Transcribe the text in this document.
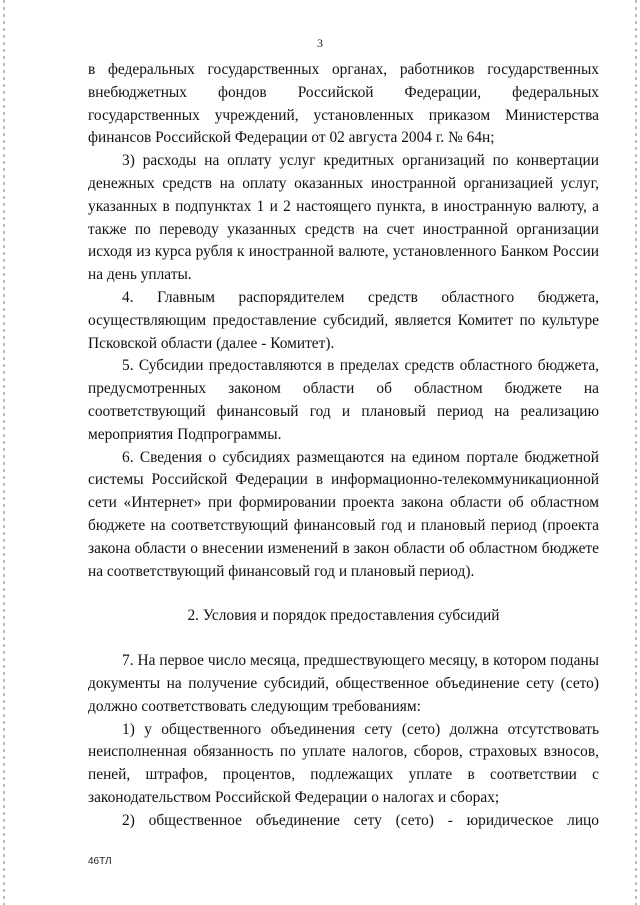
3

в федеральных государственных органах, работников государственных внебюджетных фондов Российской Федерации, федеральных государственных учреждений, установленных приказом Министерства финансов Российской Федерации от 02 августа 2004 г. № 64н;

3) расходы на оплату услуг кредитных организаций по конвертации денежных средств на оплату оказанных иностранной организацией услуг, указанных в подпунктах 1 и 2 настоящего пункта, в иностранную валюту, а также по переводу указанных средств на счет иностранной организации исходя из курса рубля к иностранной валюте, установленного Банком России на день уплаты.

4. Главным распорядителем средств областного бюджета, осуществляющим предоставление субсидий, является Комитет по культуре Псковской области (далее - Комитет).

5. Субсидии предоставляются в пределах средств областного бюджета, предусмотренных законом области об областном бюджете на соответствующий финансовый год и плановый период на реализацию мероприятия Подпрограммы.

6. Сведения о субсидиях размещаются на едином портале бюджетной системы Российской Федерации в информационно-телекоммуникационной сети «Интернет» при формировании проекта закона области об областном бюджете на соответствующий финансовый год и плановый период (проекта закона области о внесении изменений в закон области об областном бюджете на соответствующий финансовый год и плановый период).

2. Условия и порядок предоставления субсидий

7. На первое число месяца, предшествующего месяцу, в котором поданы документы на получение субсидий, общественное объединение сету (сето) должно соответствовать следующим требованиям:

1) у общественного объединения сету (сето) должна отсутствовать неисполненная обязанность по уплате налогов, сборов, страховых взносов, пеней, штрафов, процентов, подлежащих уплате в соответствии с законодательством Российской Федерации о налогах и сборах;

2) общественное объединение сету (сето) - юридическое лицо

46ТЛ
